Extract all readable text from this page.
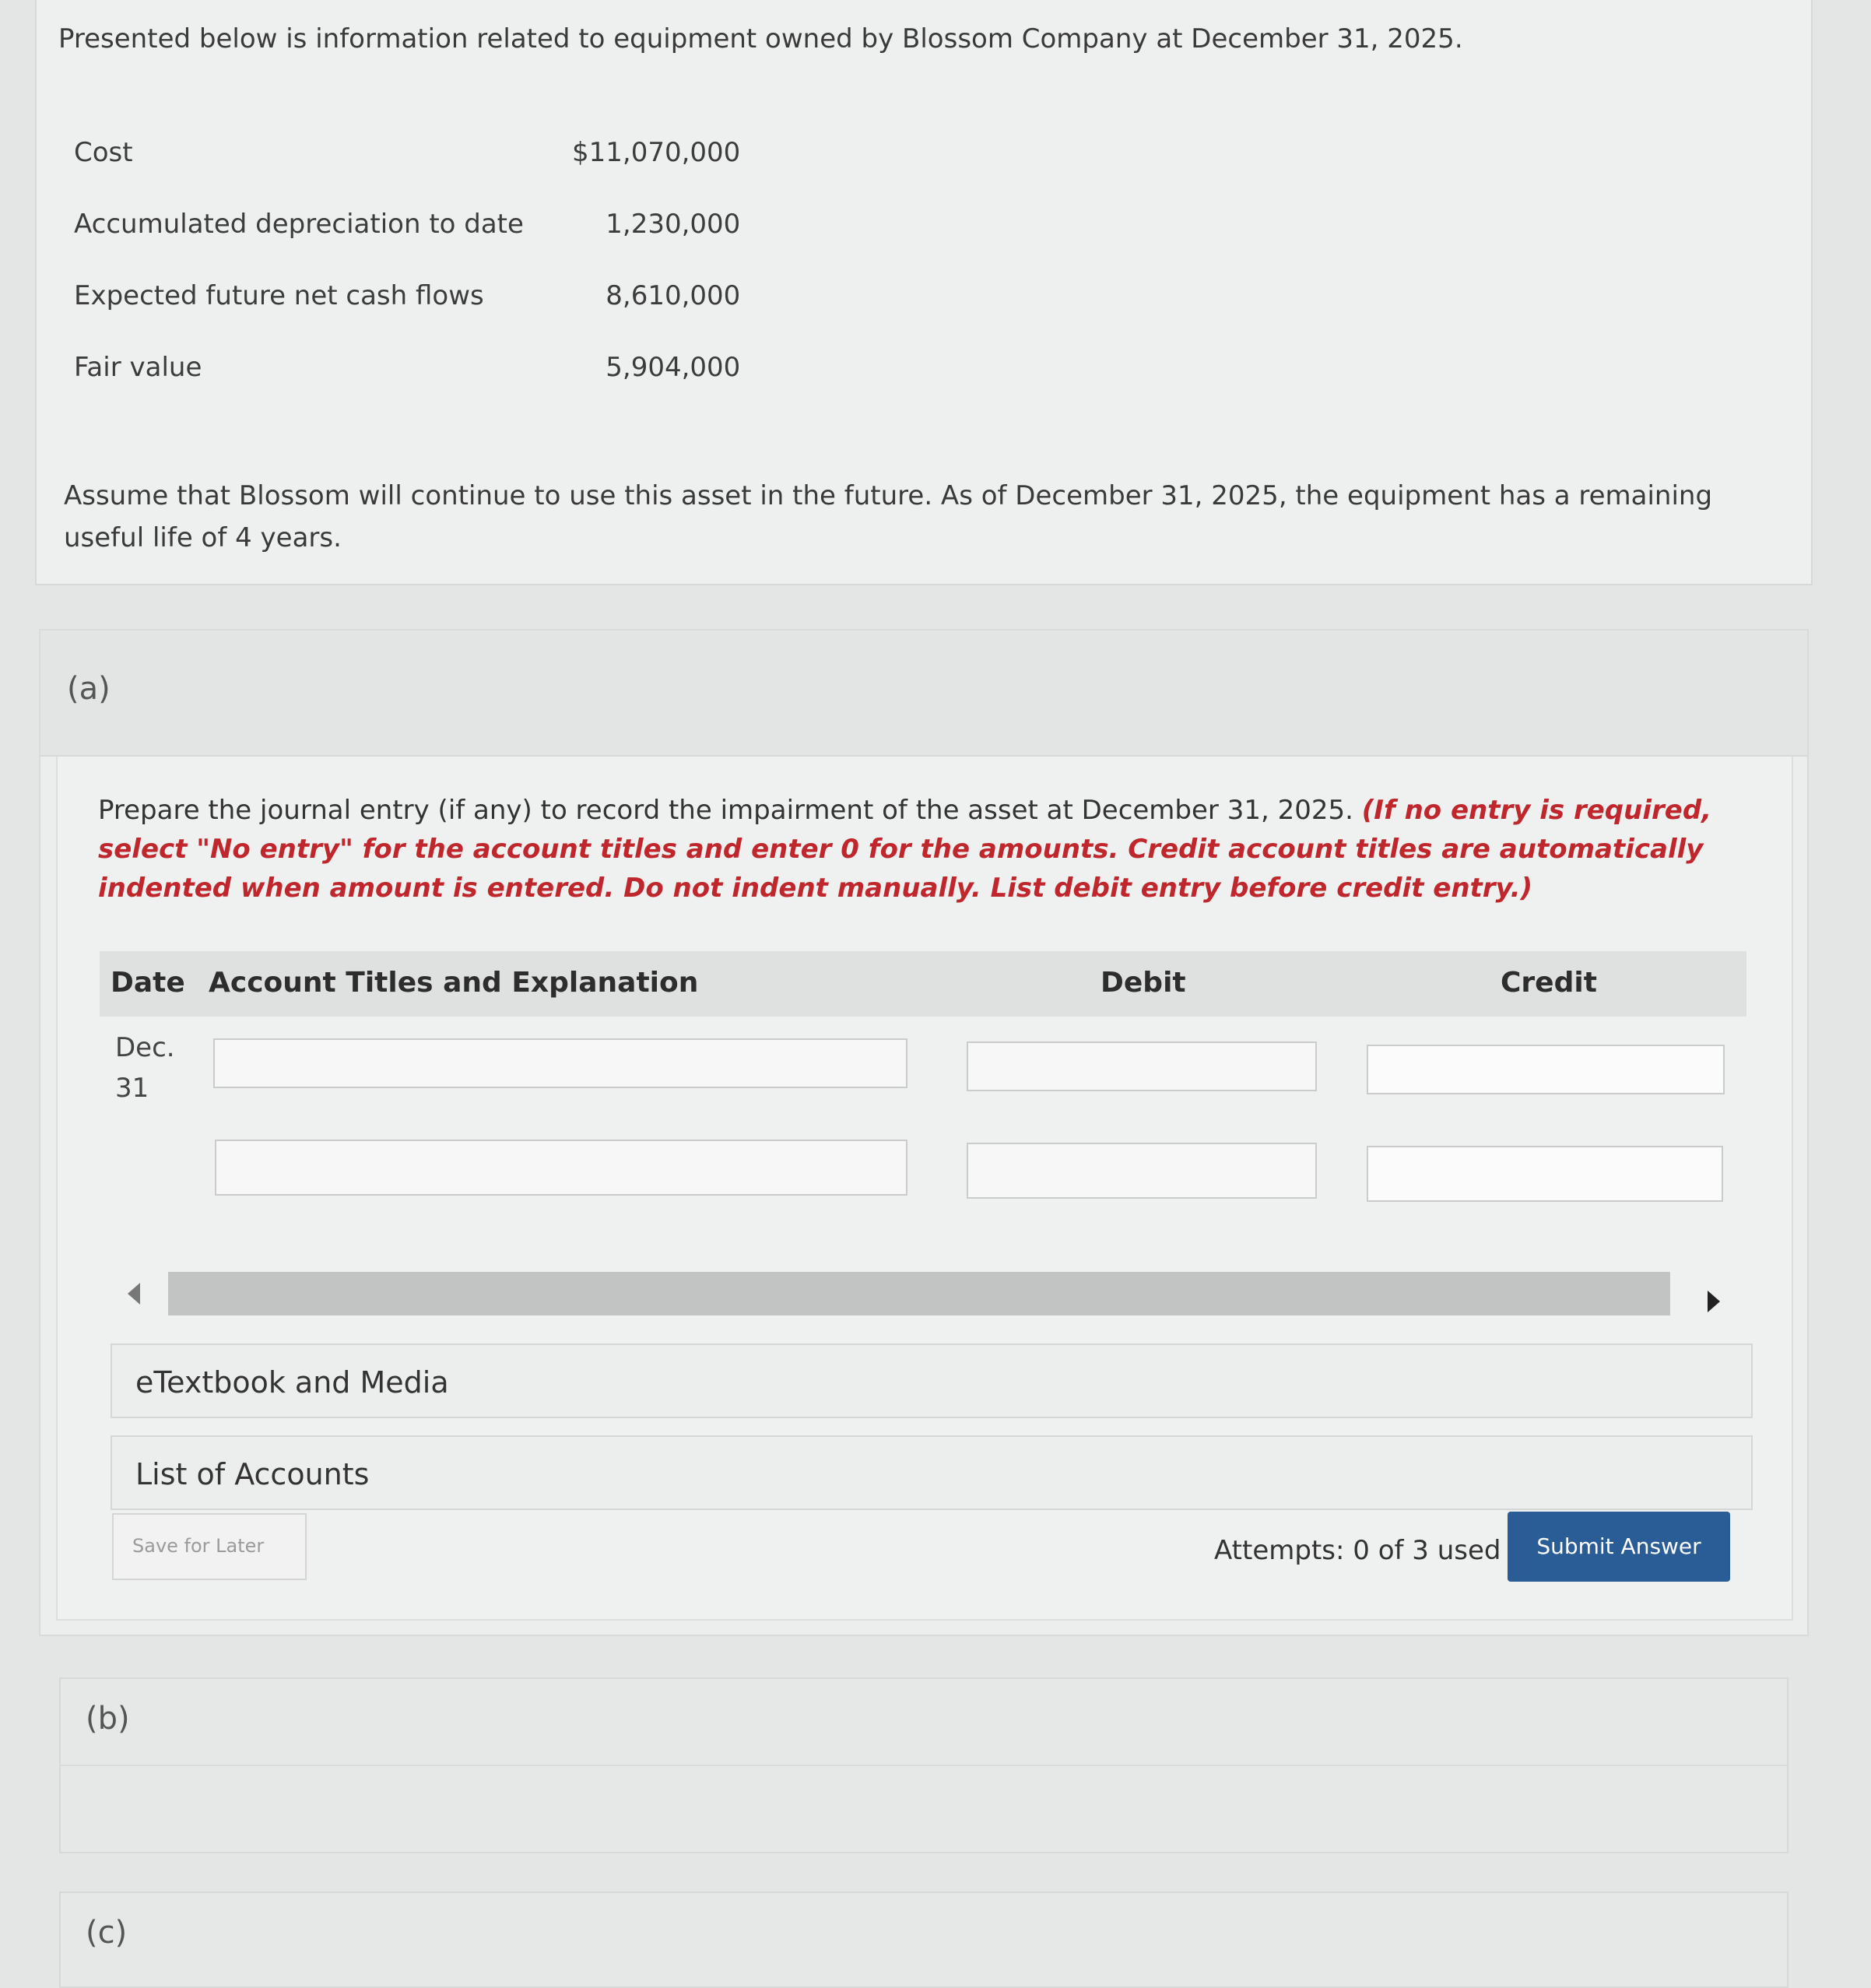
Presented below is information related to equipment owned by Blossom Company at December 31, 2025.
Cost	$11,070,000
Accumulated depreciation to date	1,230,000
Expected future net cash flows	8,610,000
Fair value	5,904,000
Assume that Blossom will continue to use this asset in the future. As of December 31, 2025, the equipment has a remaining useful life of 4 years.
(a)
Prepare the journal entry (if any) to record the impairment of the asset at December 31, 2025. (If no entry is required, select "No entry" for the account titles and enter 0 for the amounts. Credit account titles are automatically indented when amount is entered. Do not indent manually. List debit entry before credit entry.)
Date Account Titles and Explanation	Debit	Credit
Dec.
31
eTextbook and Media
List of Accounts
Save for Later	Attempts: 0 of 3 used	Submit Answer
(b)
(c)
